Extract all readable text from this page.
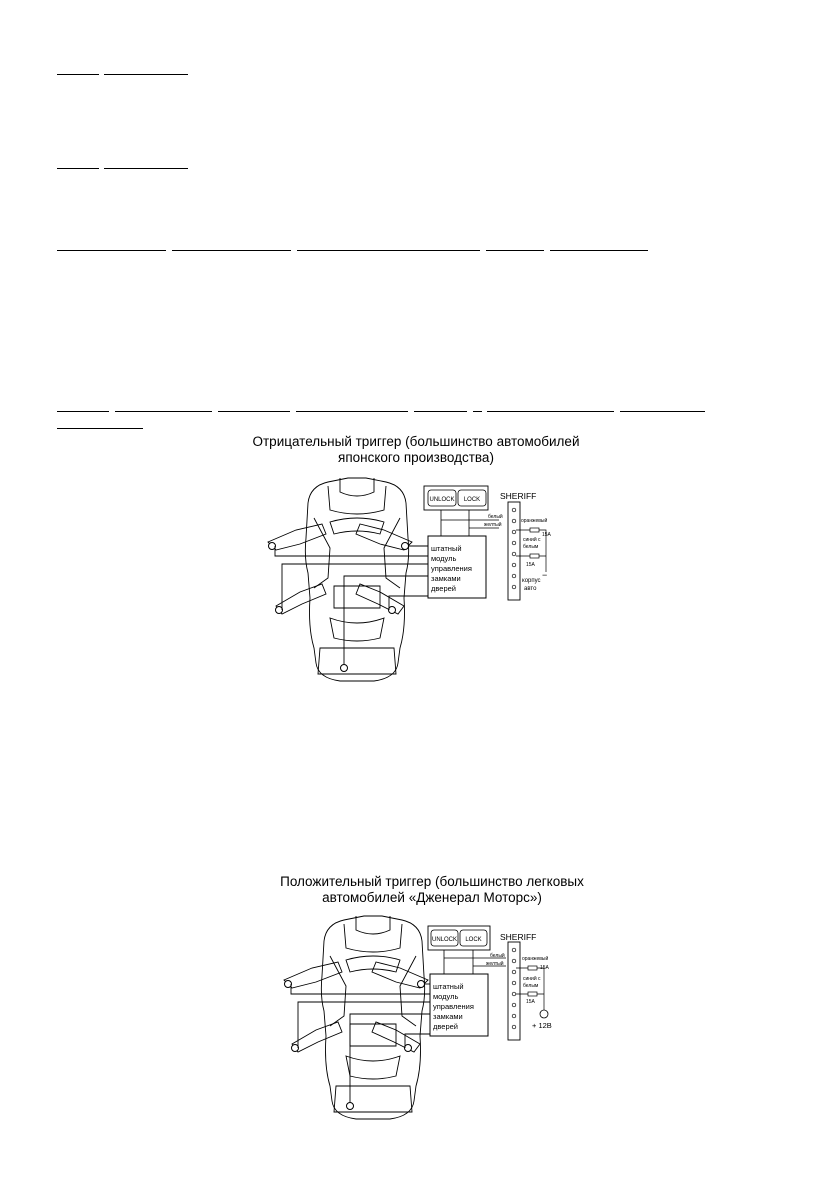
Отрицательный триггер (большинство автомобилей
японского производства)
Положительный триггер (большинство легковых
автомобилей «Дженерал Моторс»)
штатный
модуль
управления
замками
дверей
UNLOCK LOCK SHERIFF
белый
желтый
оранжевый
15A
синий с
белым
15A
корпус
авто
−
штатный
модуль
управления
замками
дверей
UNLOCK LOCK SHERIFF
белый
желтый
оранжевый
15A
синий с
белым
15A
+ 12В
